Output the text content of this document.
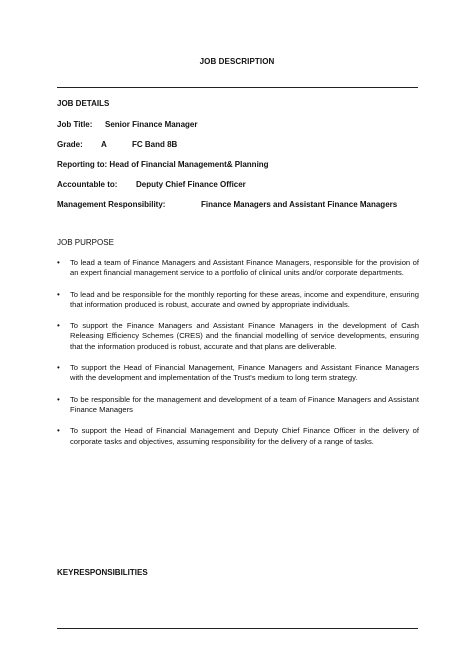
JOB DESCRIPTION
JOB DETAILS
Job Title: Senior Finance Manager
Grade: A	FC Band 8B
Reporting to: Head of Financial Management& Planning
Accountable to: Deputy Chief Finance Officer
Management Responsibility:	Finance Managers and Assistant Finance Managers
JOB PURPOSE
• To lead a team of Finance Managers and Assistant Finance Managers, responsible for the provision of an expert financial management service to a portfolio of clinical units and/or corporate departments.
• To lead and be responsible for the monthly reporting for these areas, income and expenditure, ensuring that information produced is robust, accurate and owned by appropriate individuals.
• To support the Finance Managers and Assistant Finance Managers in the development of Cash Releasing Efficiency Schemes (CRES) and the financial modelling of service developments, ensuring that the information produced is robust, accurate and that plans are deliverable.
• To support the Head of Financial Management, Finance Managers and Assistant Finance Managers with the development and implementation of the Trust's medium to long term strategy.
• To be responsible for the management and development of a team of Finance Managers and Assistant Finance Managers
• To support the Head of Financial Management and Deputy Chief Finance Officer in the delivery of corporate tasks and objectives, assuming responsibility for the delivery of a range of tasks.
KEYRESPONSIBILITIES
